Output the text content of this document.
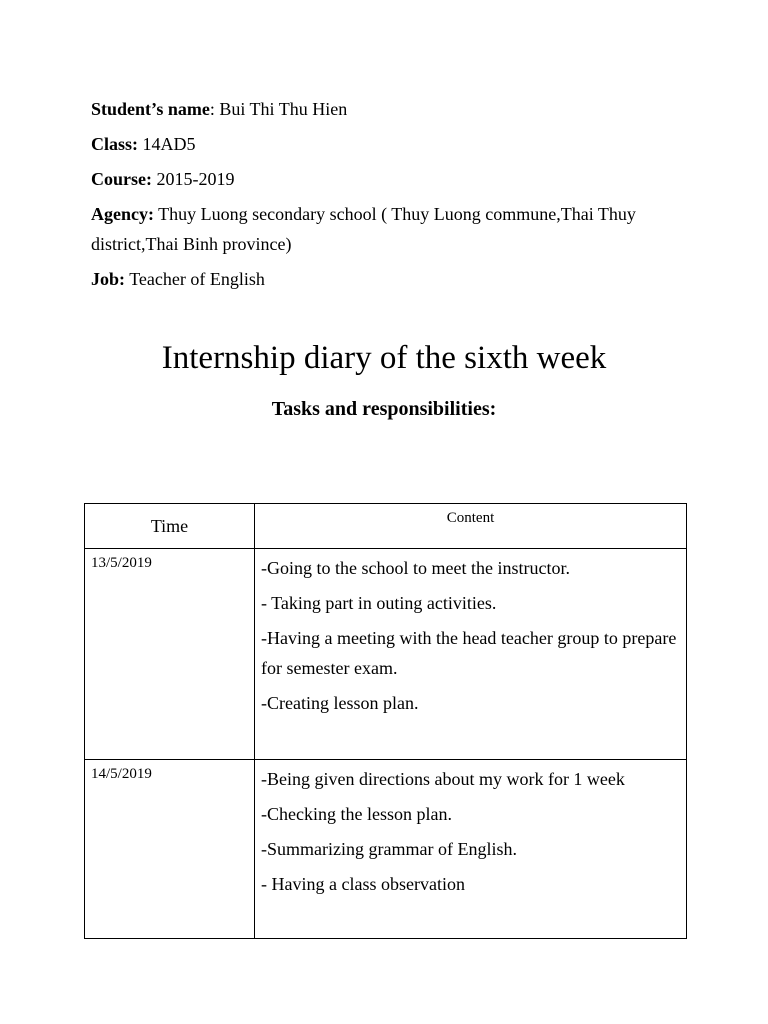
Student’s name: Bui Thi Thu Hien
Class: 14AD5
Course: 2015-2019
Agency: Thuy Luong secondary school ( Thuy Luong commune,Thai Thuy district,Thai Binh province)
Job: Teacher of English
Internship diary of the sixth week
Tasks and responsibilities:
Time	Content
13/5/2019	-Going to the school to meet the instructor.
- Taking part in outing activities.
-Having a meeting with the head teacher group to prepare for semester exam.
-Creating lesson plan.

14/5/2019	-Being given directions about my work for 1 week
-Checking the lesson plan.
-Summarizing grammar of English.
- Having a class observation
